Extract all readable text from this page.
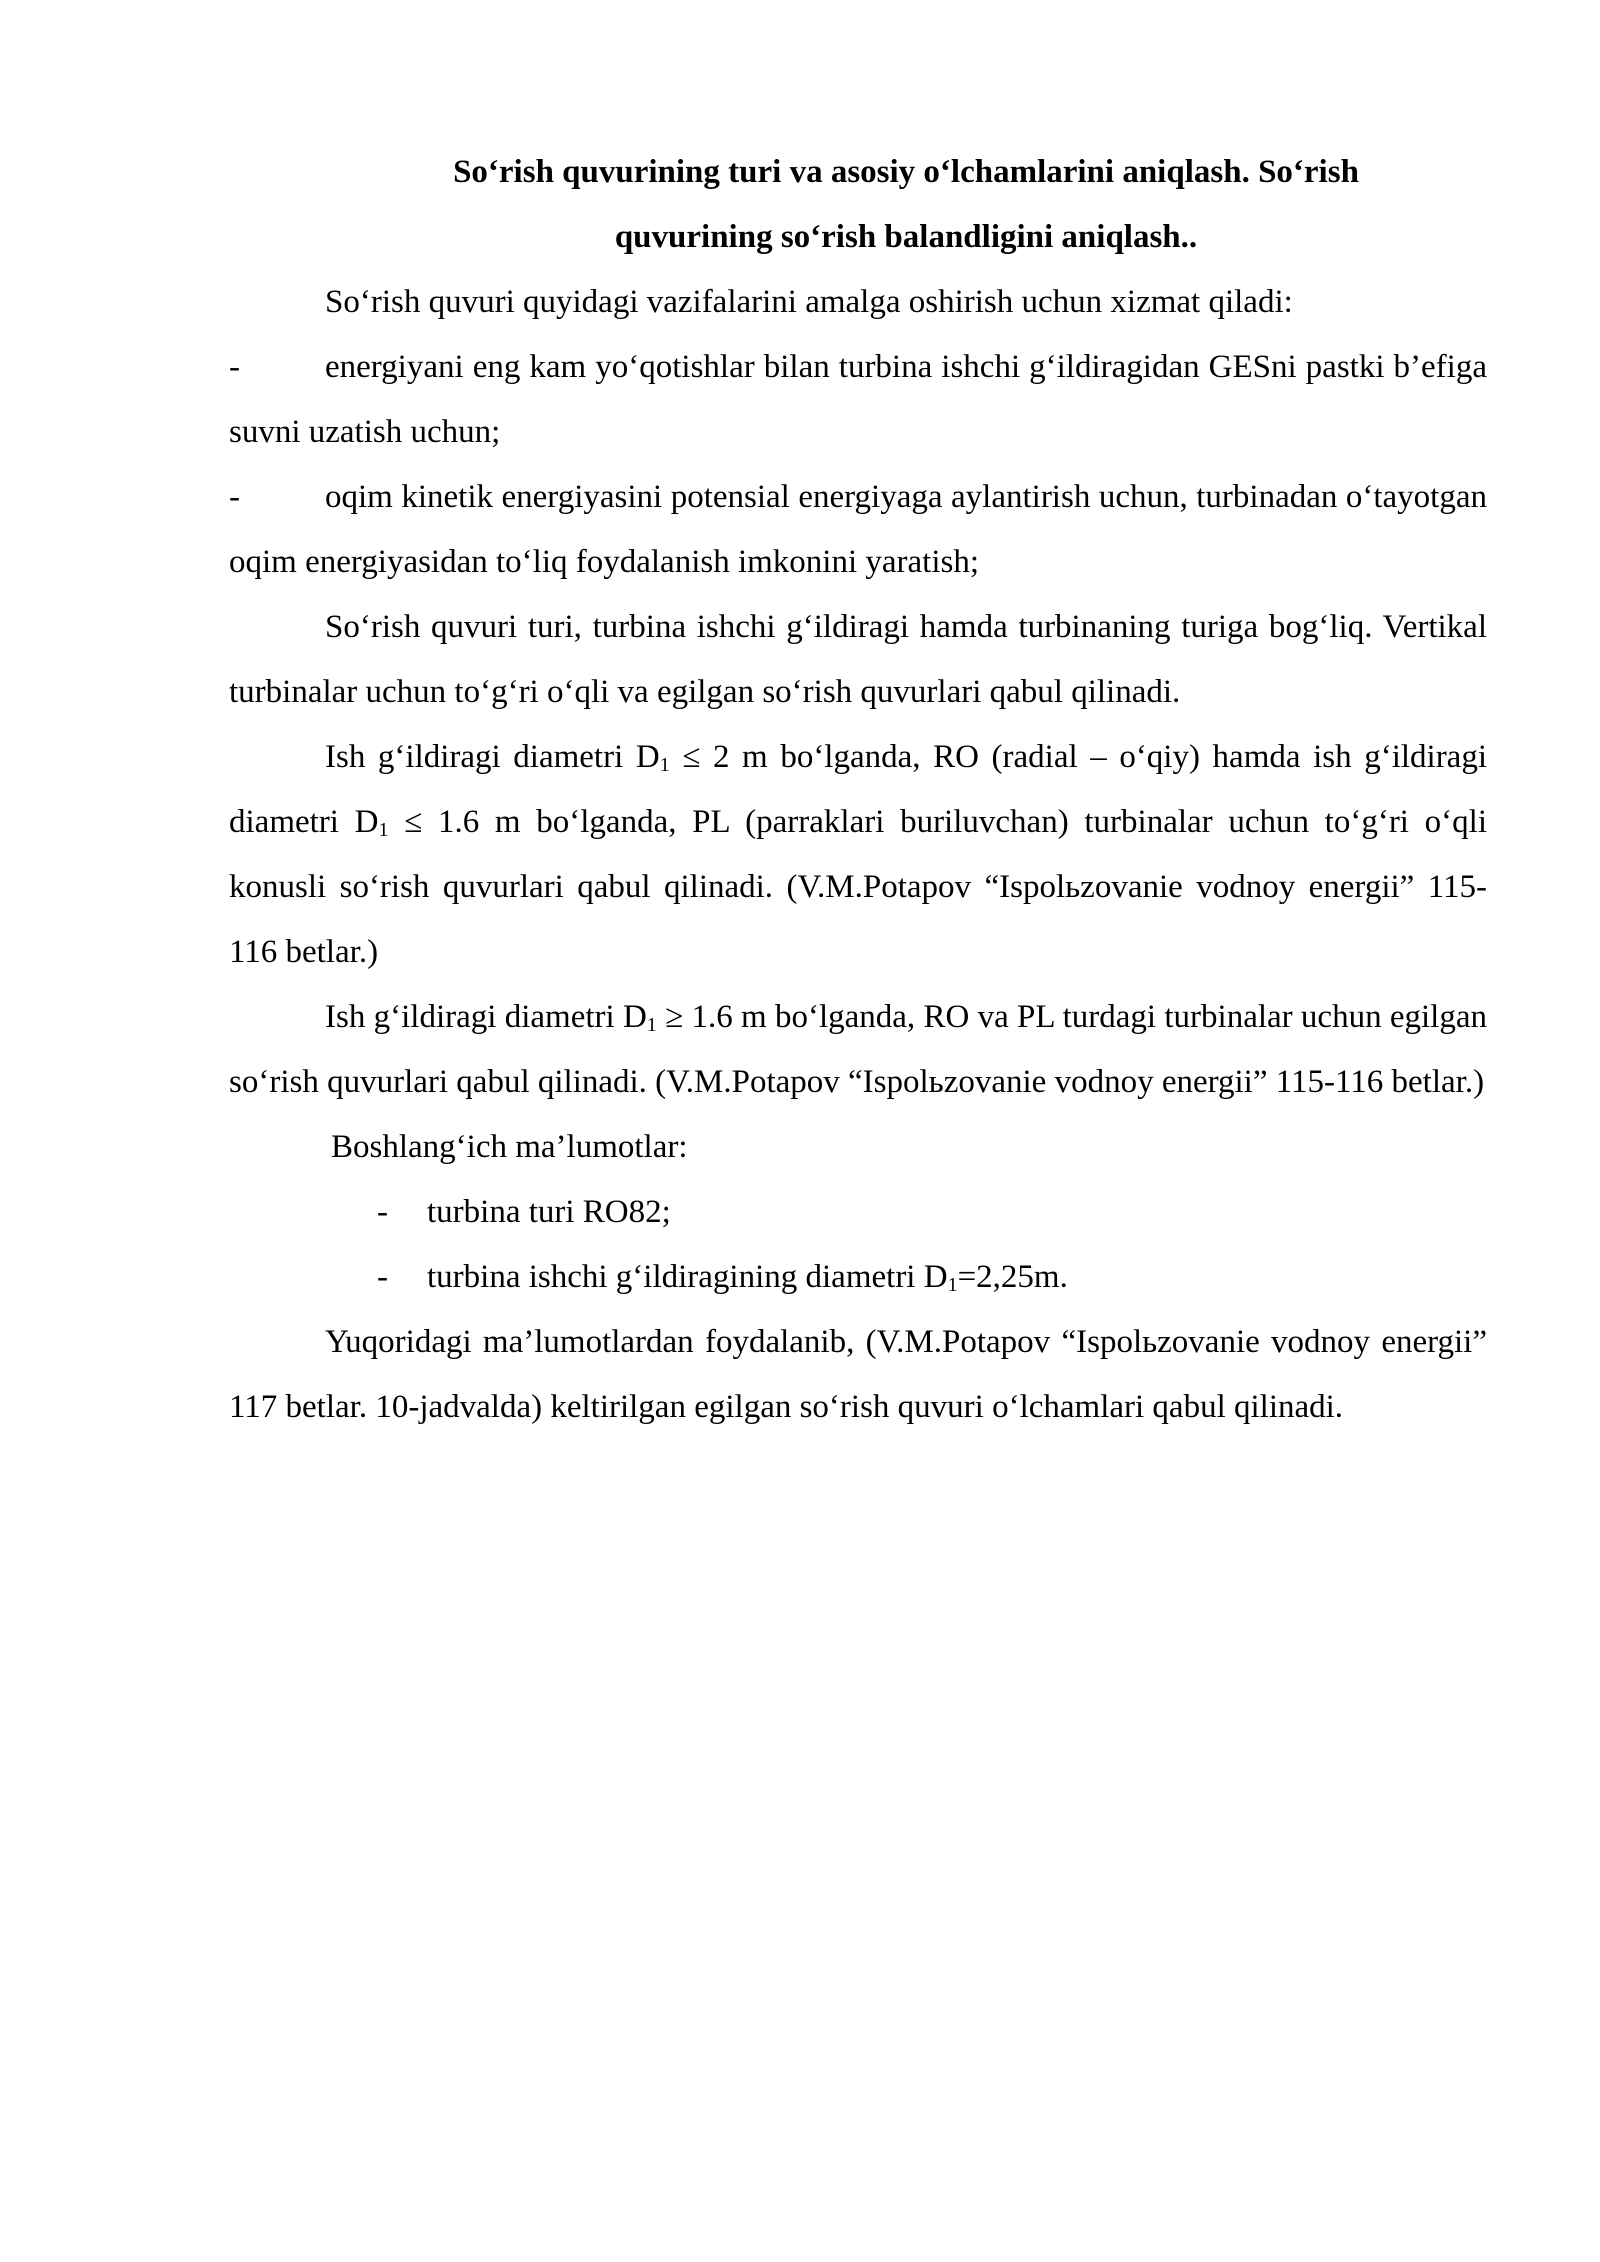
So‘rish quvurining turi va asosiy o‘lchamlarini aniqlash. So‘rish
quvurining so‘rish balandligini aniqlash..

So‘rish quvuri quyidagi vazifalarini amalga oshirish uchun xizmat qiladi:

-	energiyani eng kam yo‘qotishlar bilan turbina ishchi g‘ildiragidan GESni pastki b’efiga suvni uzatish uchun;

-	oqim kinetik energiyasini potensial energiyaga aylantirish uchun, turbinadan o‘tayotgan oqim energiyasidan to‘liq foydalanish imkonini yaratish;

So‘rish quvuri turi, turbina ishchi g‘ildiragi hamda turbinaning turiga bog‘liq. Vertikal turbinalar uchun to‘g‘ri o‘qli va egilgan so‘rish quvurlari qabul qilinadi.

Ish g‘ildiragi diametri $D_1 \le 2$ m bo‘lganda, RO (radial – o‘qiy) hamda ish g‘ildiragi diametri $D_1 \le 1.6$ m bo‘lganda, PL (parraklari buriluvchan) turbinalar uchun to‘g‘ri o‘qli konusli so‘rish quvurlari qabul qilinadi. (V.M.Potapov “Ispolьzovanie vodnoy energii” 115-116 betlar.)

Ish g‘ildiragi diametri $D_1 \ge 1.6$ m bo‘lganda, RO va PL turdagi turbinalar uchun egilgan so‘rish quvurlari qabul qilinadi. (V.M.Potapov “Ispolьzovanie vodnoy energii” 115-116 betlar.)

Boshlang‘ich ma’lumotlar:

- turbina turi RO82;

- turbina ishchi g‘ildiragining diametri $D_1=2,25m$.

Yuqoridagi ma’lumotlardan foydalanib, (V.M.Potapov “Ispolьzovanie vodnoy energii” 117 betlar. 10-jadvalda) keltirilgan egilgan so‘rish quvuri o‘lchamlari qabul qilinadi.
